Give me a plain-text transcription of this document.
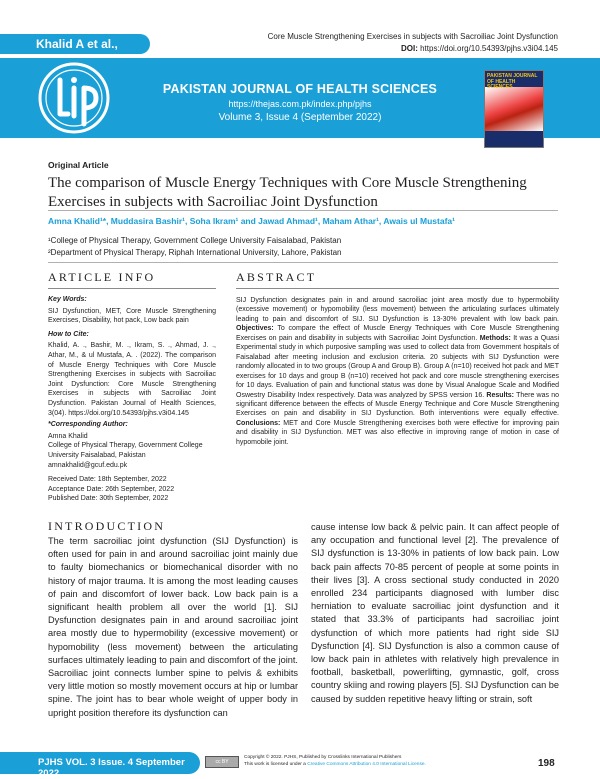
Khalid A et al.,
Core Muscle Strengthening Exercises in subjects with Sacroiliac Joint Dysfunction
DOI: https://doi.org/10.54393/pjhs.v3i04.145
PAKISTAN JOURNAL OF HEALTH SCIENCES
https://thejas.com.pk/index.php/pjhs
Volume 3, Issue 4 (September 2022)
PAKISTAN JOURNAL OF HEALTH SCIENCES
Original Article
The comparison of Muscle Energy Techniques with Core Muscle Strengthening Exercises in subjects with Sacroiliac Joint Dysfunction
Amna Khalid¹*, Muddasira Bashir¹, Soha Ikram¹ and Jawad Ahmad¹, Maham Athar¹, Awais ul Mustafa¹
¹College of Physical Therapy, Government College University Faisalabad, Pakistan
²Department of Physical Therapy, Riphah International University, Lahore, Pakistan
ARTICLE INFO	ABSTRACT

Key Words:

SIJ Dysfunction, MET, Core Muscle Strengthening Exercises, Disability, hot pack, Low back pain

How to Cite:

Khalid, A. ., Bashir, M. ., Ikram, S. ., Ahmad, J. ., Athar, M., & ul Mustafa, A. . (2022). The comparison of Muscle Energy Techniques with Core Muscle Strengthening Exercises in subjects with Sacroiliac Joint Dysfunction: Core Muscle Strengthening Exercises in subjects with Sacroiliac Joint Dysfunction. Pakistan Journal of Health Sciences, 3(04). https://doi.org/10.54393/pjhs.v3i04.145

*Corresponding Author:

Amna Khalid

College of Physical Therapy, Government College University Faisalabad, Pakistan

amnakhalid@gcuf.edu.pk

Received Date: 18th September, 2022

Acceptance Date: 26th September, 2022

Published Date: 30th September, 2022

SIJ Dysfunction designates pain in and around sacroiliac joint area mostly due to hypermobility (excessive movement) or hypomobility (less movement) between the articulating surfaces ultimately leading to pain and discomfort of SIJ. SIJ Dysfunction is 13-30% prevalent with low back pain. Objectives: To compare the effect of Muscle Energy Techniques with Core Muscle Strengthening Exercises on pain and disability in subjects with Sacroiliac Joint Dysfunction. Methods: It was a Quasi Experimental study in which purposive sampling was used to collect data from Government hospitals of Faisalabad after meeting inclusion and exclusion criteria. 20 subjects with SIJ Dysfunction were randomly allocated in to two groups (Group A and Group B). Group A (n=10) received hot pack and MET exercises for 10 days and group B (n=10) received hot pack and core muscle strengthening exercises for 10 days. Evaluation of pain and functional status was done by Visual Analogue Scale and Modified Oswestry Disability Index respectively. Data was analyzed by SPSS version 16. Results: There was no significant difference between the effects of Muscle Energy Technique and Core Muscle Strengthening Exercises on pain and disability in SIJ Dysfunction. Both interventions were equally effective. Conclusions: MET and Core Muscle Strengthening exercises both were effective for improving pain and disability in SIJ Dysfunction. MET was also effective in improving range of motion in case of hypomobile joint.
INTRODUCTION
The term sacroiliac joint dysfunction (SIJ Dysfunction) is often used for pain in and around sacroiliac joint mainly due to faulty biomechanics or biomechanical disorder with no history of major trauma. It is among the most leading causes of pain and discomfort of lower back. Low back pain is a significant health problem all over the world [1]. SIJ Dysfunction designates pain in and around sacroiliac joint area mostly due to hypermobility (excessive movement) or hypomobility (less movement) between the articulating surfaces ultimately leading to pain and discomfort of the joint. Sacroiliac joint connects lumber spine to pelvis & exhibits very little motion so mostly movement occurs at hip or lumbar spine. The joint has to bear whole weight of upper body in upright position therefore its dysfunction can
cause intense low back & pelvic pain. It can affect people of any occupation and functional level [2]. The prevalence of SIJ dysfunction is 13-30% in patients of low back pain. Low back pain affects 70-85 percent of people at some points in their lives [3]. A cross sectional study conducted in 2020 enrolled 234 participants diagnosed with lumber disc herniation to evaluate sacroiliac joint dysfunction and it stated that 33.3% of participants had sacroiliac joint dysfunction of which more patients had right side SIJ Dysfunction [4]. SIJ Dysfunction is also a common cause of low back pain in athletes with relatively high prevalence in football, basketball, powerlifting, gymnastic, golf, cross country skiing and rowing players [5]. SIJ Dysfunction can be caused by sudden repetitive heavy lifting or strain, soft
PJHS VOL. 3 Issue. 4 September 2022
cc BY
Copyright © 2022. PJHS, Published by Crosslinks International Publishers
This work is licensed under a Creative Commons Attribution 4.0 International License.	198
